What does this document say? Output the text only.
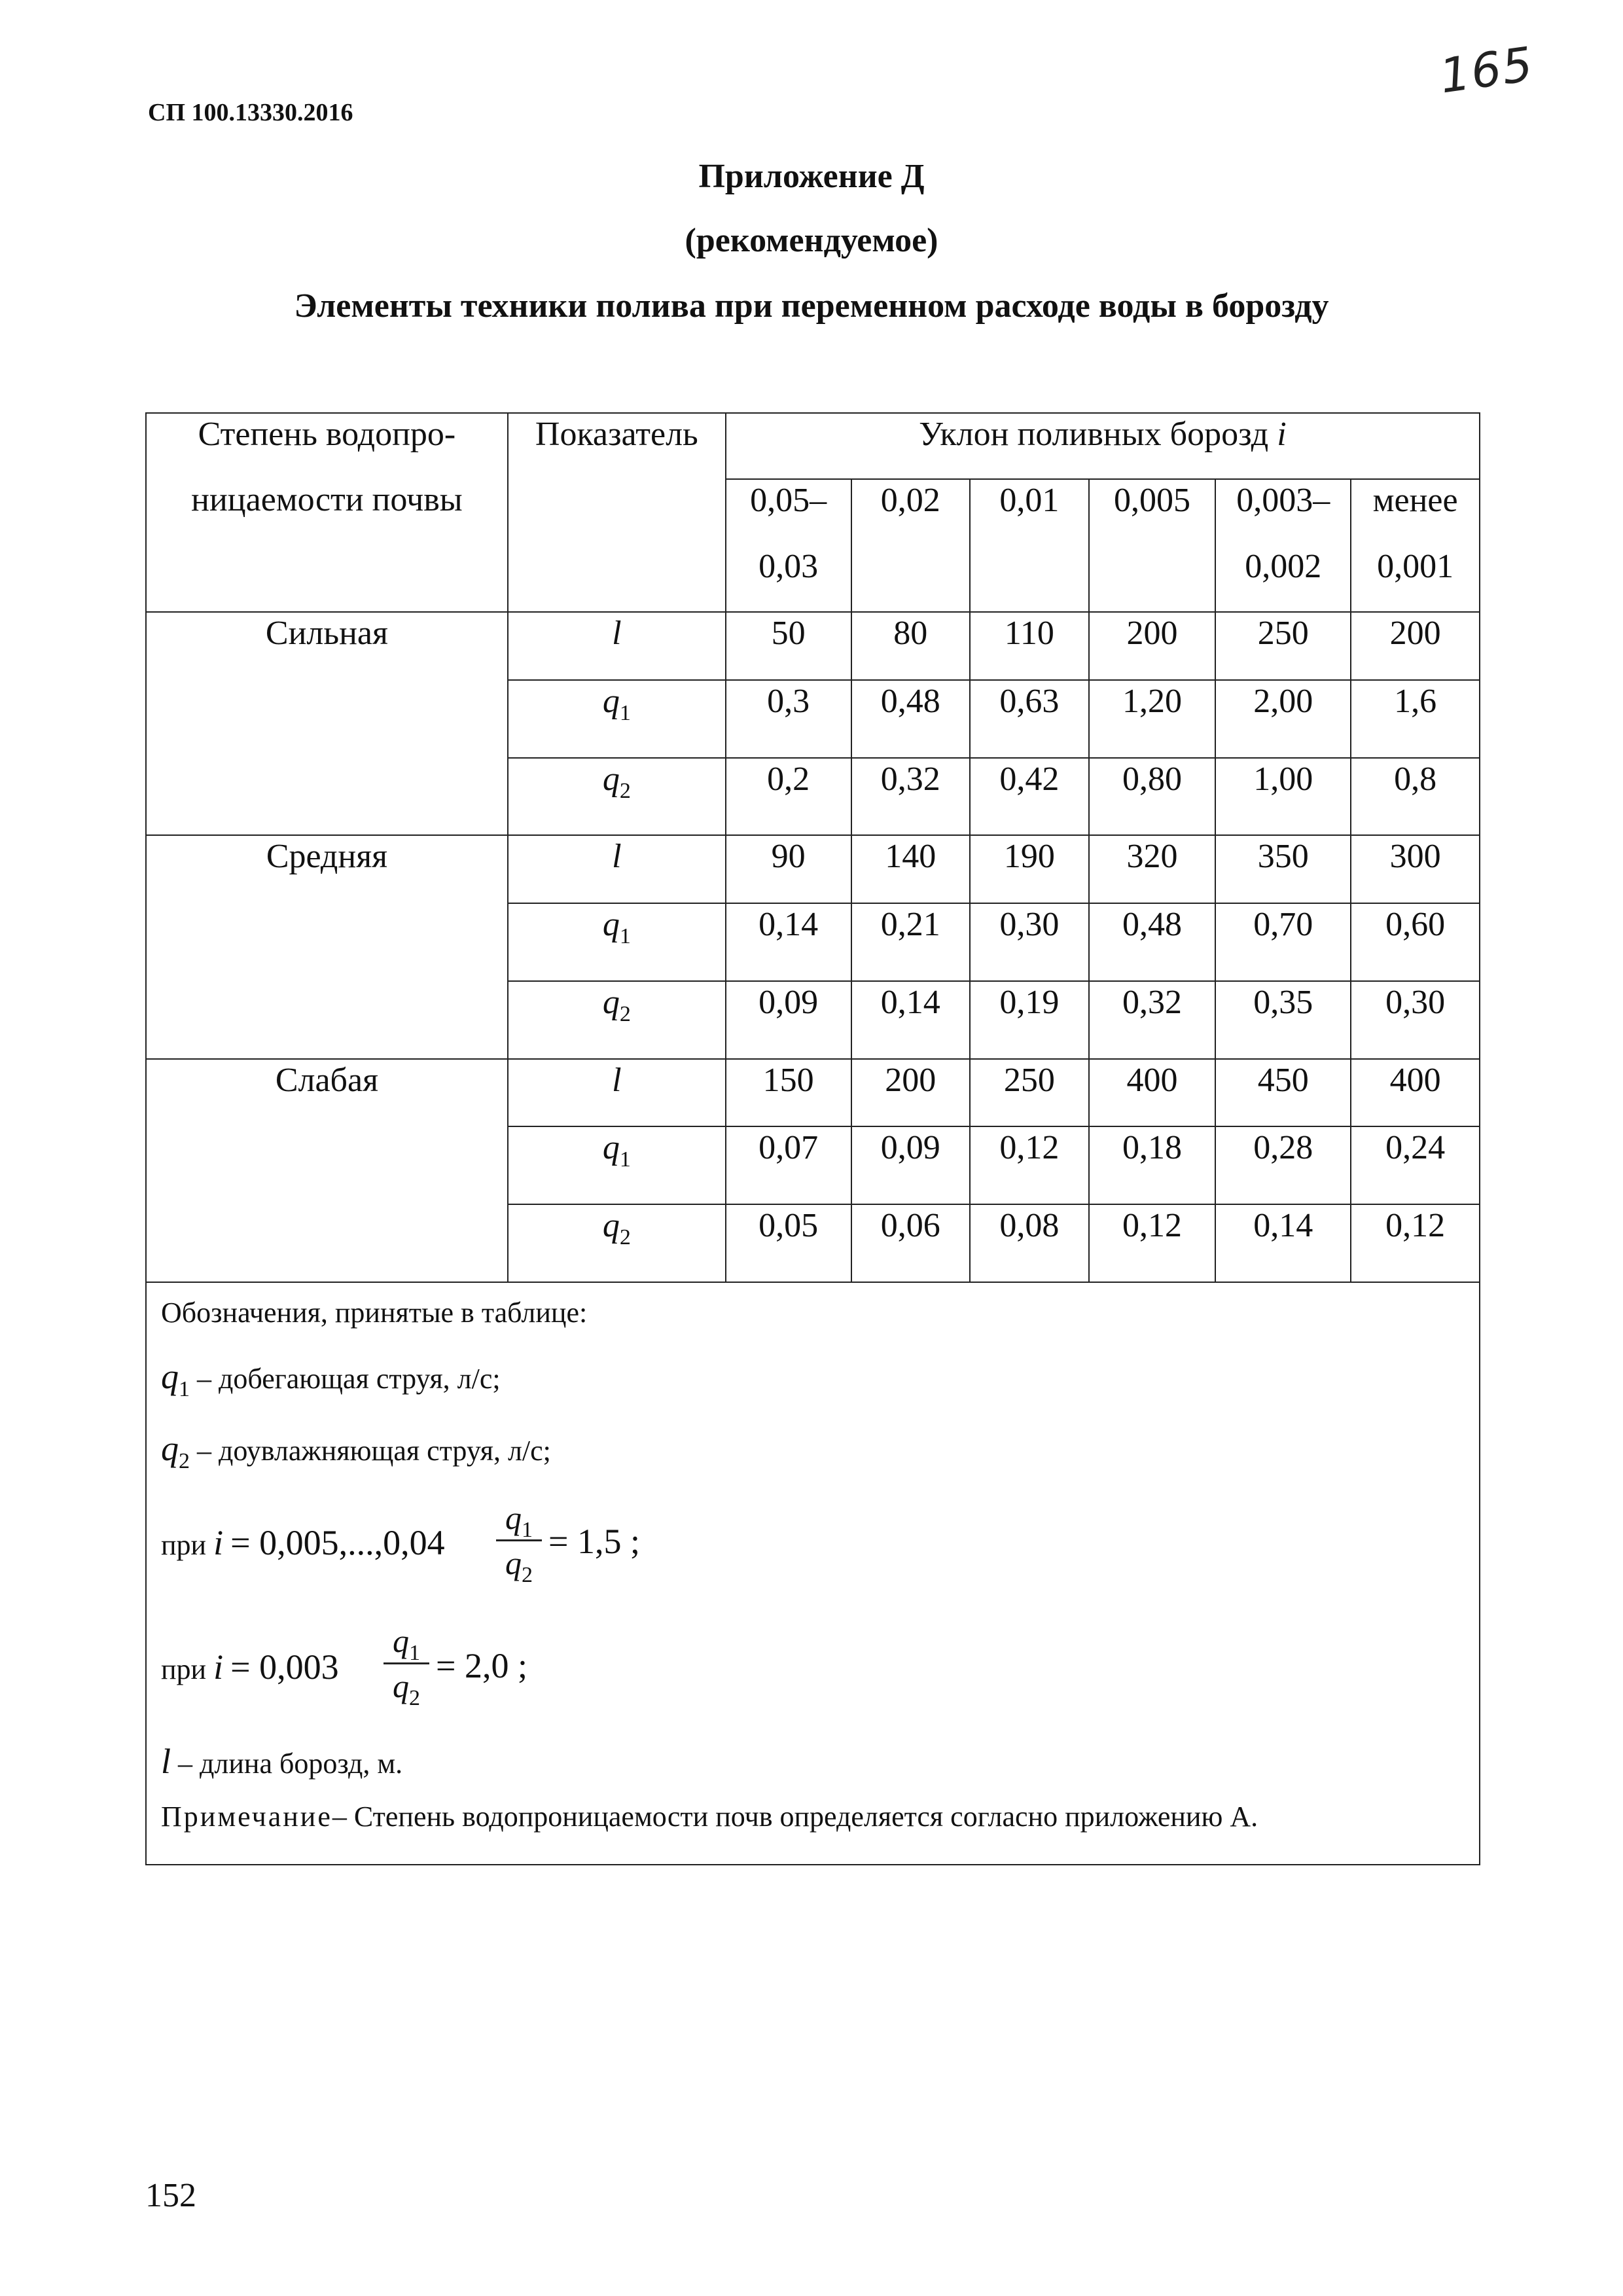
СП 100.13330.2016
165
Приложение Д
(рекомендуемое)
Элементы техники полива при переменном расходе воды в борозду
Степень водопро-	Показатель	Уклон поливных борозд i					
ницаемости почвы		0,05–	0,02	0,01	0,005	0,003–	менее
		0,03				0,002	0,001
Сильная	l	50	80	110	200	250	200
	$q_1$	0,3	0,48	0,63	1,20	2,00	1,6
	$q_2$	0,2	0,32	0,42	0,80	1,00	0,8
Средняя	l	90	140	190	320	350	300
	$q_1$	0,14	0,21	0,30	0,48	0,70	0,60
	$q_2$	0,09	0,14	0,19	0,32	0,35	0,30
Слабая	l	150	200	250	400	450	400
	$q_1$	0,07	0,09	0,12	0,18	0,28	0,24
	$q_2$	0,05	0,06	0,08	0,12	0,14	0,12
Обозначения, принятые в таблице:
$q_1$ – добегающая струя, л/с;
$q_2$ – доувлажняющая струя, л/с;
при i = 0,005,...,0,04
$q_1$
$q_2$
= 1,5 ;
при i = 0,003
$q_1$
$q_2$
= 2,0 ;
l – длина борозд, м.
Примечание– Степень водопроницаемости почв определяется согласно приложению А.
152
